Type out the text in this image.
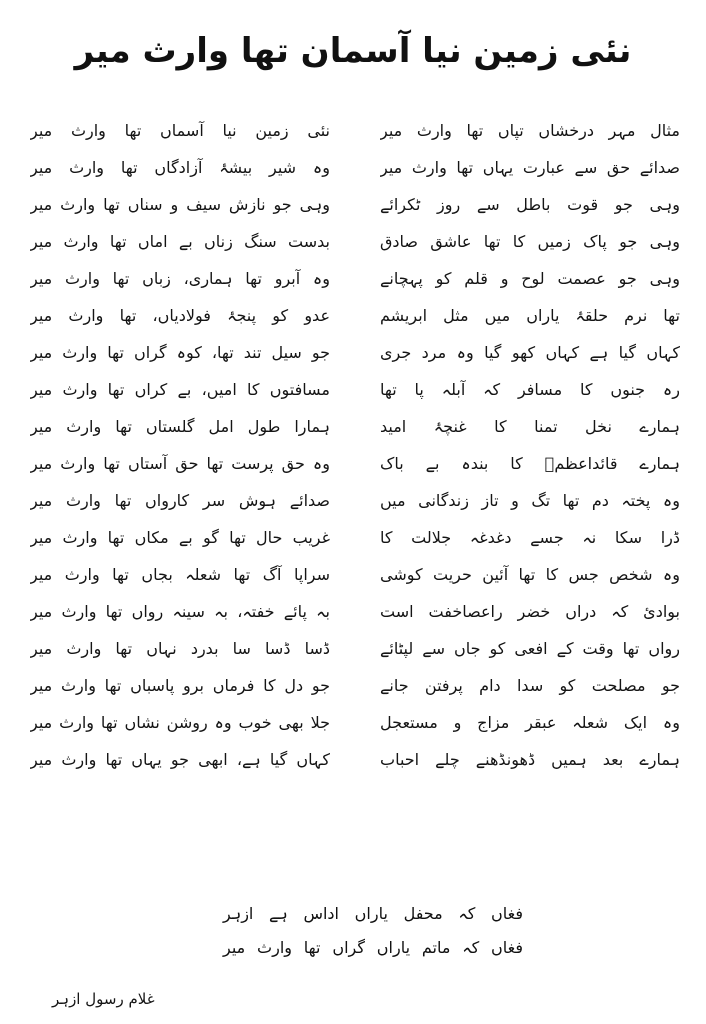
نئی زمین نیا آسمان تھا وارث میر
مثال مہر درخشاں تپاں تھا وارث میر
نئی زمین نیا آسماں تھا وارث میر
صدائے حق سے عبارت یہاں تھا وارث میر
وہ شیر بیشۂ آزادگاں تھا وارث میر
وہی جو قوت باطل سے روز ٹکرائے
وہی جو نازش سیف و سناں تھا وارث میر
وہی جو پاک زمیں کا تھا عاشق صادق
بدست سنگ زناں بے اماں تھا وارث میر
وہی جو عصمت لوح و قلم کو پہچانے
وہ آبرو تھا ہماری، زباں تھا وارث میر
تھا نرم حلقۂ یاراں میں مثل ابریشم
عدو کو پنجۂ فولادیاں، تھا وارث میر
کہاں گیا ہے کہاں کھو گیا وہ مرد جری
جو سیل تند تھا، کوہ گراں تھا وارث میر
رہ جنوں کا مسافر کہ آبلہ پا تھا
مسافتوں کا امیں، بے کراں تھا وارث میر
ہمارے نخل تمنا کا غنچۂ امید
ہمارا طول امل گلستاں تھا وارث میر
ہمارے قائداعظمؒ کا بندہ بے باک
وہ حق پرست تھا حق آستاں تھا وارث میر
وہ پختہ دم تھا تگ و تاز زندگانی میں
صدائے ہوش سر کارواں تھا وارث میر
ڈرا سکا نہ جسے دغدغہ جلالت کا
غریب حال تھا گو بے مکاں تھا وارث میر
وہ شخص جس کا تھا آئین حریت کوشی
سراپا آگ تھا شعلہ بجاں تھا وارث میر
بوادیٔ کہ دراں خضر راعصاخفت است
بہ پائے خفتہ، بہ سینہ رواں تھا وارث میر
رواں تھا وقت کے افعی کو جاں سے لپٹائے
ڈسا ڈسا سا بدرد نہاں تھا وارث میر
جو مصلحت کو سدا دام پرفتن جانے
جو دل کا فرماں برو پاسباں تھا وارث میر
وہ ایک شعلہ عبقر مزاج و مستعجل
جلا بھی خوب وہ روشن نشاں تھا وارث میر
ہمارے بعد ہمیں ڈھونڈھنے چلے احباب
کہاں گیا ہے، ابھی جو یہاں تھا وارث میر
فغاں کہ محفل یاراں اداس ہے ازہر
فغاں کہ ماتم یاراں گراں تھا وارث میر
غلام رسول ازہر
